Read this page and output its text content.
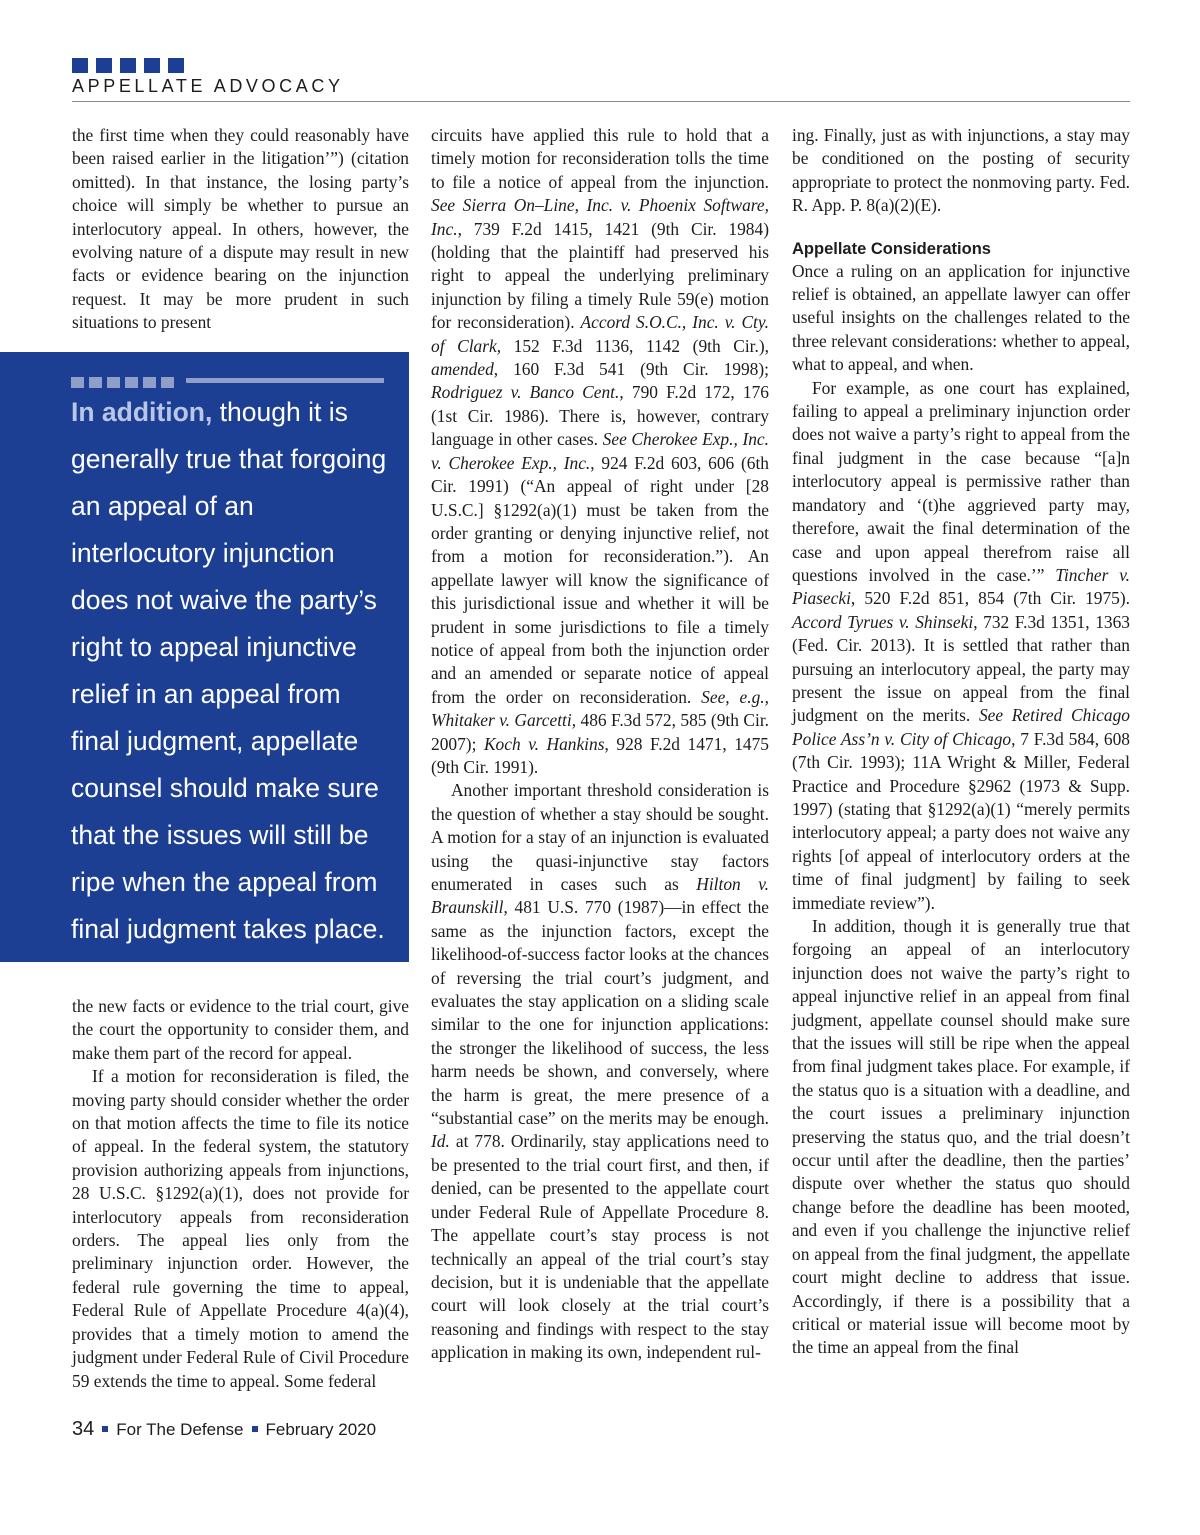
APPELLATE ADVOCACY

the first time when they could reasonably have been raised earlier in the litigation’”) (citation omitted). In that instance, the losing party’s choice will simply be whether to pursue an interlocutory appeal. In others, however, the evolving nature of a dispute may result in new facts or evidence bearing on the injunction request. It may be more prudent in such situations to present

In addition, though it is generally true that forgoing an appeal of an interlocutory injunction does not waive the party’s right to appeal injunctive relief in an appeal from final judgment, appellate counsel should make sure that the issues will still be ripe when the appeal from final judgment takes place.

the new facts or evidence to the trial court, give the court the opportunity to consider them, and make them part of the record for appeal.

If a motion for reconsideration is filed, the moving party should consider whether the order on that motion affects the time to file its notice of appeal. In the federal system, the statutory provision authorizing appeals from injunctions, 28 U.S.C. §1292(a)(1), does not provide for interlocutory appeals from reconsideration orders. The appeal lies only from the preliminary injunction order. However, the federal rule governing the time to appeal, Federal Rule of Appellate Procedure 4(a)(4), provides that a timely motion to amend the judgment under Federal Rule of Civil Procedure 59 extends the time to appeal. Some federal

circuits have applied this rule to hold that a timely motion for reconsideration tolls the time to file a notice of appeal from the injunction. See Sierra On–Line, Inc. v. Phoenix Software, Inc., 739 F.2d 1415, 1421 (9th Cir. 1984) (holding that the plaintiff had preserved his right to appeal the underlying preliminary injunction by filing a timely Rule 59(e) motion for reconsideration). Accord S.O.C., Inc. v. Cty. of Clark, 152 F.3d 1136, 1142 (9th Cir.), amended, 160 F.3d 541 (9th Cir. 1998); Rodriguez v. Banco Cent., 790 F.2d 172, 176 (1st Cir. 1986). There is, however, contrary language in other cases. See Cherokee Exp., Inc. v. Cherokee Exp., Inc., 924 F.2d 603, 606 (6th Cir. 1991) (“An appeal of right under [28 U.S.C.] §1292(a)(1) must be taken from the order granting or denying injunctive relief, not from a motion for reconsideration.”). An appellate lawyer will know the significance of this jurisdictional issue and whether it will be prudent in some jurisdictions to file a timely notice of appeal from both the injunction order and an amended or separate notice of appeal from the order on reconsideration. See, e.g., Whitaker v. Garcetti, 486 F.3d 572, 585 (9th Cir. 2007); Koch v. Hankins, 928 F.2d 1471, 1475 (9th Cir. 1991).

Another important threshold consideration is the question of whether a stay should be sought. A motion for a stay of an injunction is evaluated using the quasi-injunctive stay factors enumerated in cases such as Hilton v. Braunskill, 481 U.S. 770 (1987)—in effect the same as the injunction factors, except the likelihood-of-success factor looks at the chances of reversing the trial court’s judgment, and evaluates the stay application on a sliding scale similar to the one for injunction applications: the stronger the likelihood of success, the less harm needs be shown, and conversely, where the harm is great, the mere presence of a “substantial case” on the merits may be enough. Id. at 778. Ordinarily, stay applications need to be presented to the trial court first, and then, if denied, can be presented to the appellate court under Federal Rule of Appellate Procedure 8. The appellate court’s stay process is not technically an appeal of the trial court’s stay decision, but it is undeniable that the appellate court will look closely at the trial court’s reasoning and findings with respect to the stay application in making its own, independent rul-

ing. Finally, just as with injunctions, a stay may be conditioned on the posting of security appropriate to protect the nonmoving party. Fed. R. App. P. 8(a)(2)(E).

Appellate Considerations

Once a ruling on an application for injunctive relief is obtained, an appellate lawyer can offer useful insights on the challenges related to the three relevant considerations: whether to appeal, what to appeal, and when.

For example, as one court has explained, failing to appeal a preliminary injunction order does not waive a party’s right to appeal from the final judgment in the case because “[a]n interlocutory appeal is permissive rather than mandatory and ‘(t)he aggrieved party may, therefore, await the final determination of the case and upon appeal therefrom raise all questions involved in the case.’” Tincher v. Piasecki, 520 F.2d 851, 854 (7th Cir. 1975). Accord Tyrues v. Shinseki, 732 F.3d 1351, 1363 (Fed. Cir. 2013). It is settled that rather than pursuing an interlocutory appeal, the party may present the issue on appeal from the final judgment on the merits. See Retired Chicago Police Ass’n v. City of Chicago, 7 F.3d 584, 608 (7th Cir. 1993); 11A Wright & Miller, Federal Practice and Procedure §2962 (1973 & Supp. 1997) (stating that §1292(a)(1) “merely permits interlocutory appeal; a party does not waive any rights [of appeal of interlocutory orders at the time of final judgment] by failing to seek immediate review”).

In addition, though it is generally true that forgoing an appeal of an interlocutory injunction does not waive the party’s right to appeal injunctive relief in an appeal from final judgment, appellate counsel should make sure that the issues will still be ripe when the appeal from final judgment takes place. For example, if the status quo is a situation with a deadline, and the court issues a preliminary injunction preserving the status quo, and the trial doesn’t occur until after the deadline, then the parties’ dispute over whether the status quo should change before the deadline has been mooted, and even if you challenge the injunctive relief on appeal from the final judgment, the appellate court might decline to address that issue. Accordingly, if there is a possibility that a critical or material issue will become moot by the time an appeal from the final

34 For The Defense February 2020
